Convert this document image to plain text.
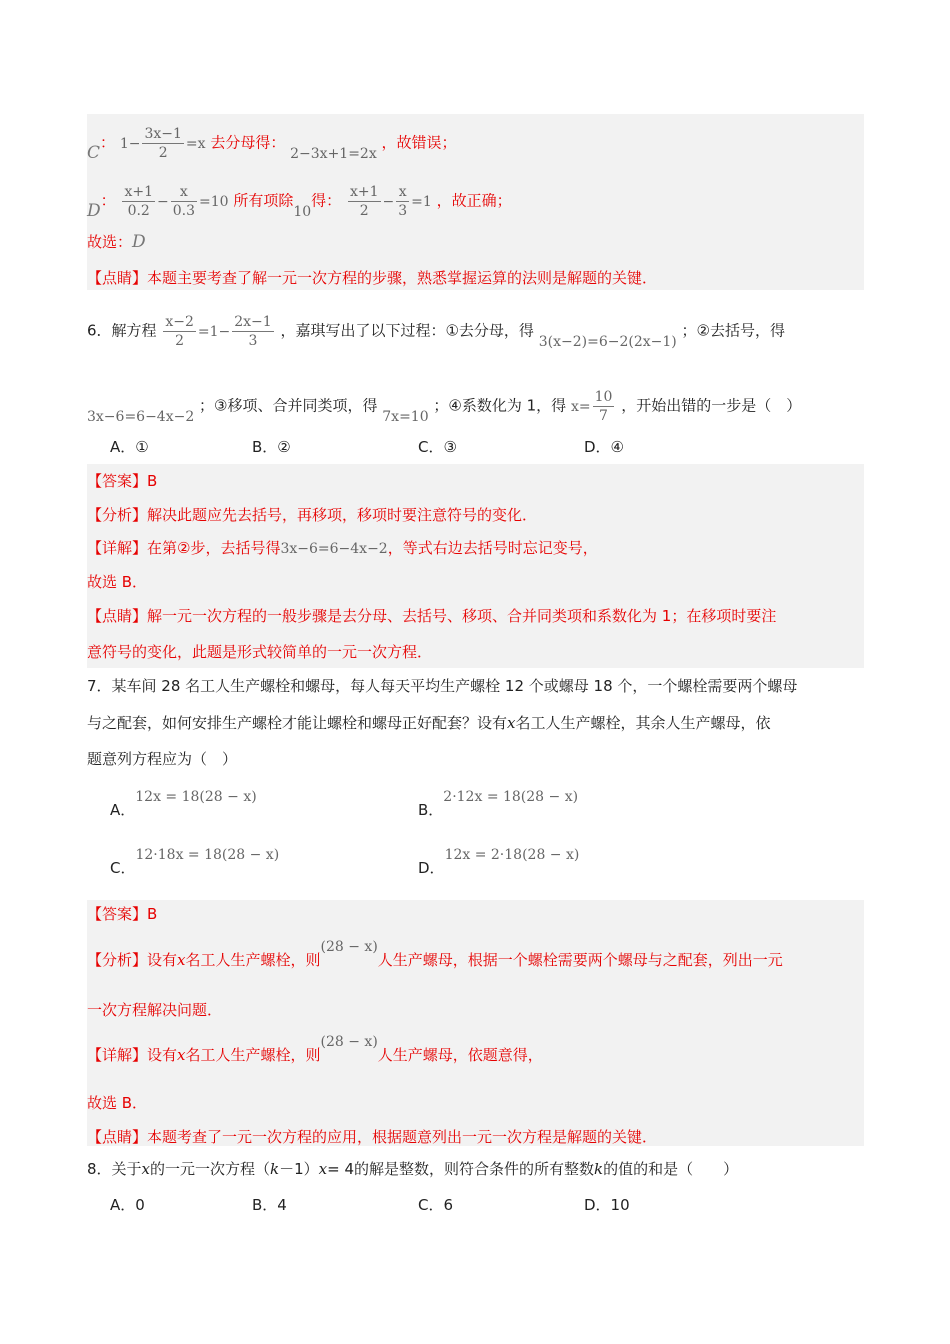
C： $1- \frac{3x-1}{2} =x$ 去分母得： 2−3x+1=2x ，故错误；
D： $\frac{x+1}{0.2} - \frac{x}{0.3} =10$ 所有项除10得： $\frac{x+1}{2} - \frac{x}{3} =1$ ，故正确；
故选：D
【点睛】本题主要考查了解一元一次方程的步骤，熟悉掌握运算的法则是解题的关键．
6．解方程 $\frac{x-2}{2} =1- \frac{2x-1}{3}$ ，嘉琪写出了以下过程：①去分母，得 3(x−2)=6−2(2x−1) ；②去括号，得
3x−6=6−4x−2 ；③移项、合并同类项，得 7x=10 ；④系数化为 1，得 $x= \frac{10}{7}$ ，开始出错的一步是（　）
A．①	B．②	C．③	D．④
【答案】B
【分析】解决此题应先去括号，再移项，移项时要注意符号的变化．
【详解】在第②步，去括号得3x−6=6−4x−2，等式右边去括号时忘记变号，
故选 B．
【点睛】解一元一次方程的一般步骤是去分母、去括号、移项、合并同类项和系数化为 1；在移项时要注
意符号的变化，此题是形式较简单的一元一次方程．
7．某车间 28 名工人生产螺栓和螺母，每人每天平均生产螺栓 12 个或螺母 18 个，一个螺栓需要两个螺母
与之配套，如何安排生产螺栓才能让螺栓和螺母正好配套？设有x名工人生产螺栓，其余人生产螺母，依
题意列方程应为（　）
A．12x = 18(28 − x)
B．2·12x = 18(28 − x)
C．12·18x = 18(28 − x)
D．12x = 2·18(28 − x)
【答案】B
【分析】设有x名工人生产螺栓，则(28 − x)人生产螺母，根据一个螺栓需要两个螺母与之配套，列出一元
一次方程解决问题．
【详解】设有x名工人生产螺栓，则(28 − x)人生产螺母，依题意得，
故选 B．
【点睛】本题考查了一元一次方程的应用，根据题意列出一元一次方程是解题的关键．
8．关于x的一元一次方程（k－1）x= 4的解是整数，则符合条件的所有整数k的值的和是（　　）
A．0	B．4	C．6	D．10
